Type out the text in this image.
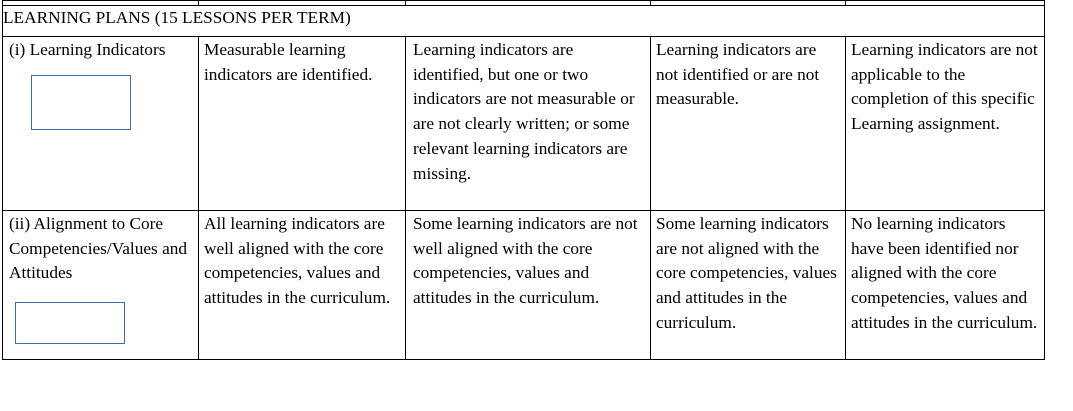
LEARNING PLANS (15 LESSONS PER TERM)				

(i) Learning Indicators	Measurable learning indicators are identified.	Learning indicators are identified, but one or two indicators are not measurable or are not clearly written; or some relevant learning indicators are missing.	Learning indicators are not identified or are not measurable.	Learning indicators are not applicable to the completion of this specific Learning assignment.

(ii) Alignment to Core Competencies/Values and Attitudes	All learning indicators are well aligned with the core competencies, values and attitudes in the curriculum.	Some learning indicators are not well aligned with the core competencies, values and attitudes in the curriculum.	Some learning indicators are not aligned with the core competencies, values and attitudes in the curriculum.	No learning indicators have been identified nor aligned with the core competencies, values and attitudes in the curriculum.
